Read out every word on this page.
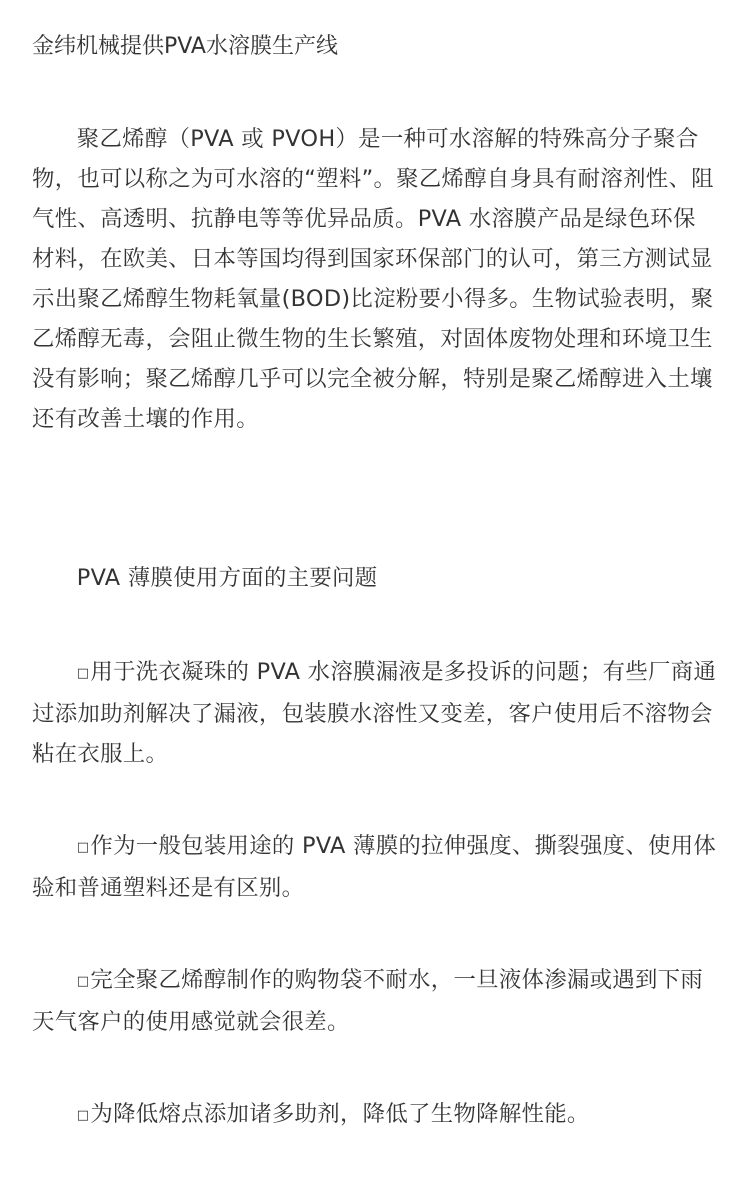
金纬机械提供PVA水溶膜生产线

聚乙烯醇（PVA 或 PVOH）是一种可水溶解的特殊高分子聚合物，也可以称之为可水溶的“塑料”。聚乙烯醇自身具有耐溶剂性、阻气性、高透明、抗静电等等优异品质。PVA 水溶膜产品是绿色环保材料，在欧美、日本等国均得到国家环保部门的认可，第三方测试显示出聚乙烯醇生物耗氧量(BOD)比淀粉要小得多。生物试验表明，聚乙烯醇无毒，会阻止微生物的生长繁殖，对固体废物处理和环境卫生没有影响；聚乙烯醇几乎可以完全被分解，特别是聚乙烯醇进入土壤还有改善土壤的作用。

PVA 薄膜使用方面的主要问题

□用于洗衣凝珠的 PVA 水溶膜漏液是多投诉的问题；有些厂商通过添加助剂解决了漏液，包装膜水溶性又变差，客户使用后不溶物会粘在衣服上。

□作为一般包装用途的 PVA 薄膜的拉伸强度、撕裂强度、使用体验和普通塑料还是有区别。

□完全聚乙烯醇制作的购物袋不耐水，一旦液体渗漏或遇到下雨天气客户的使用感觉就会很差。

□为降低熔点添加诸多助剂，降低了生物降解性能。
